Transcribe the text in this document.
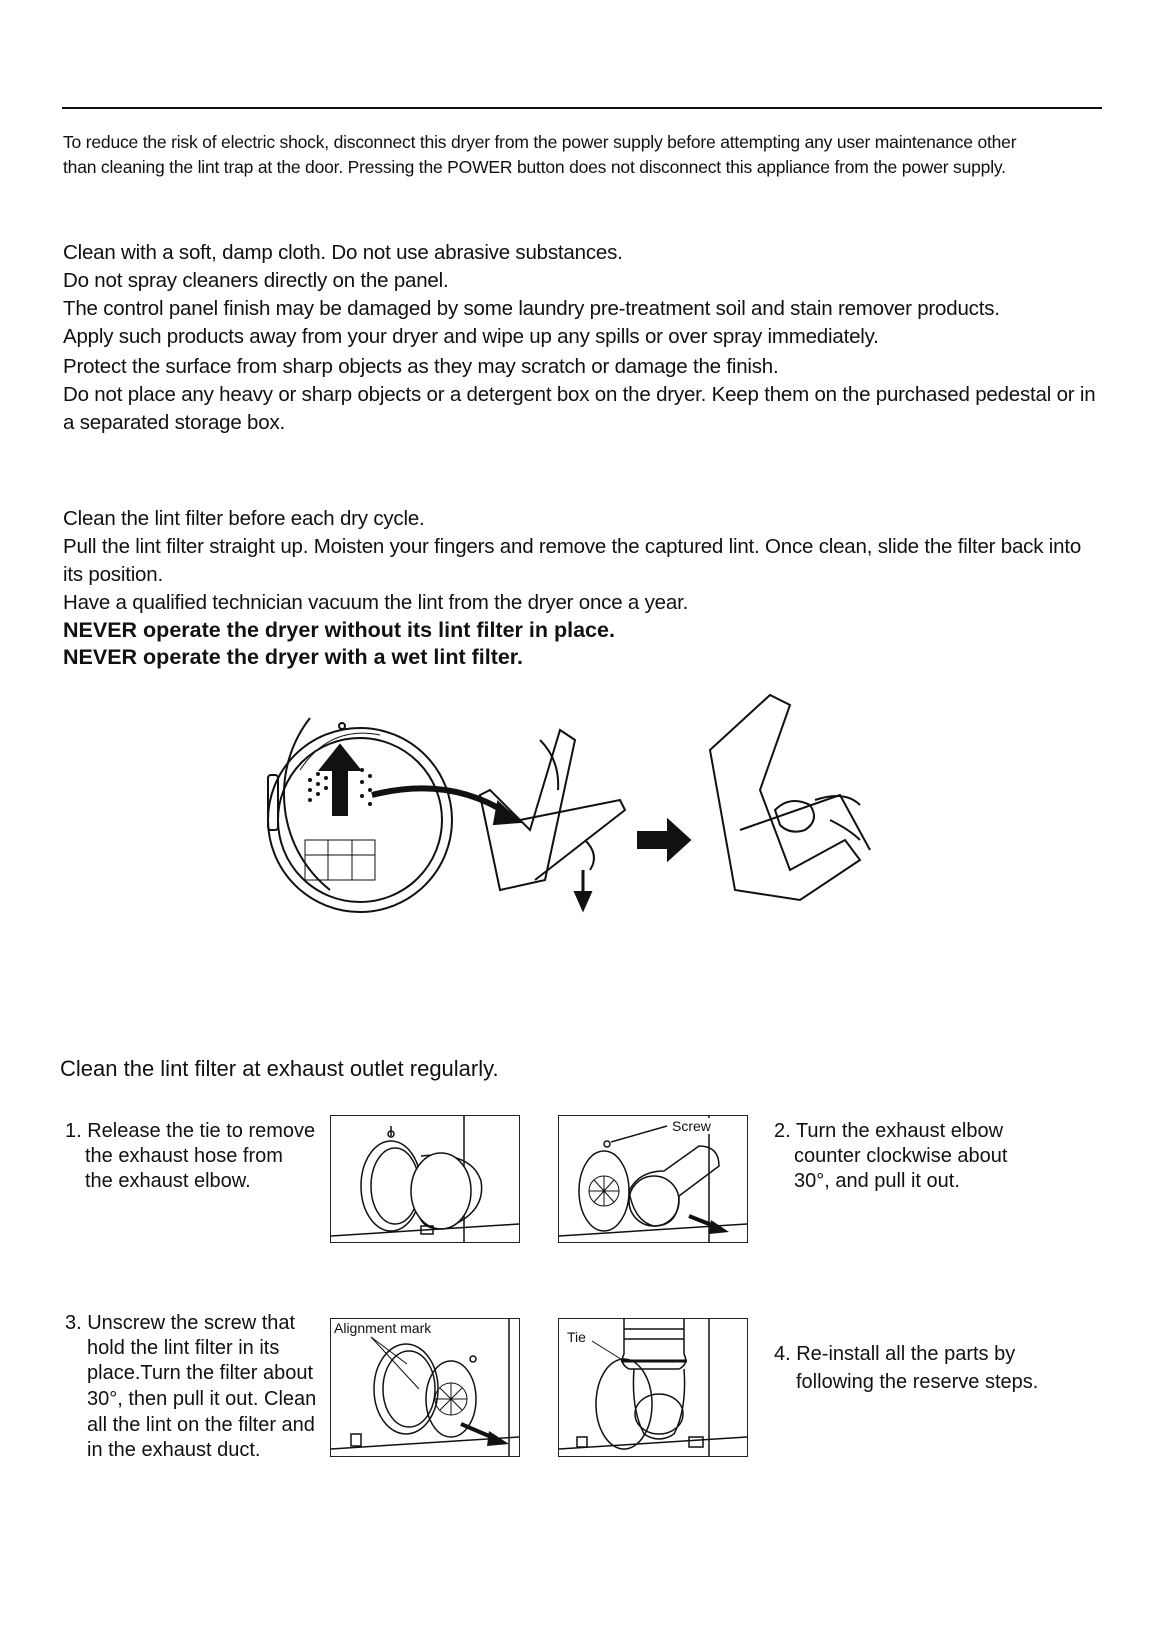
To reduce the risk of electric shock, disconnect this dryer from the power supply before attempting any user maintenance other
than cleaning the lint trap at the door. Pressing the POWER button does not disconnect this appliance from the power supply.
Clean with a soft, damp cloth. Do not use abrasive substances.
Do not spray cleaners directly on the panel.
The control panel finish may be damaged by some laundry pre-treatment soil and stain remover products.
Apply such products away from your dryer and wipe up any spills or over spray immediately.
Protect the surface from sharp objects as they may scratch or damage the finish.
Do not place any heavy or sharp objects or a detergent box on the dryer. Keep them on the purchased pedestal or in
a separated storage box.
Clean the lint filter before each dry cycle.
Pull the lint filter straight up. Moisten your fingers and remove the captured lint. Once clean, slide the filter back into
its position.
Have a qualified technician vacuum the lint from the dryer once a year.
NEVER operate the dryer without its lint filter in place.
NEVER operate the dryer with a wet lint filter.
Clean the lint filter at exhaust outlet regularly.
1. Release the tie to remove
the exhaust hose from
the exhaust elbow.
Screw	2. Turn the exhaust elbow
counter clockwise about
30°, and pull it out.
3. Unscrew the screw that
hold the lint filter in its
place.Turn the filter about
30°, then pull it out. Clean
all the lint on the filter and
in the exhaust duct.
Alignment mark
Tie
4. Re-install all the parts by
following the reserve steps.
